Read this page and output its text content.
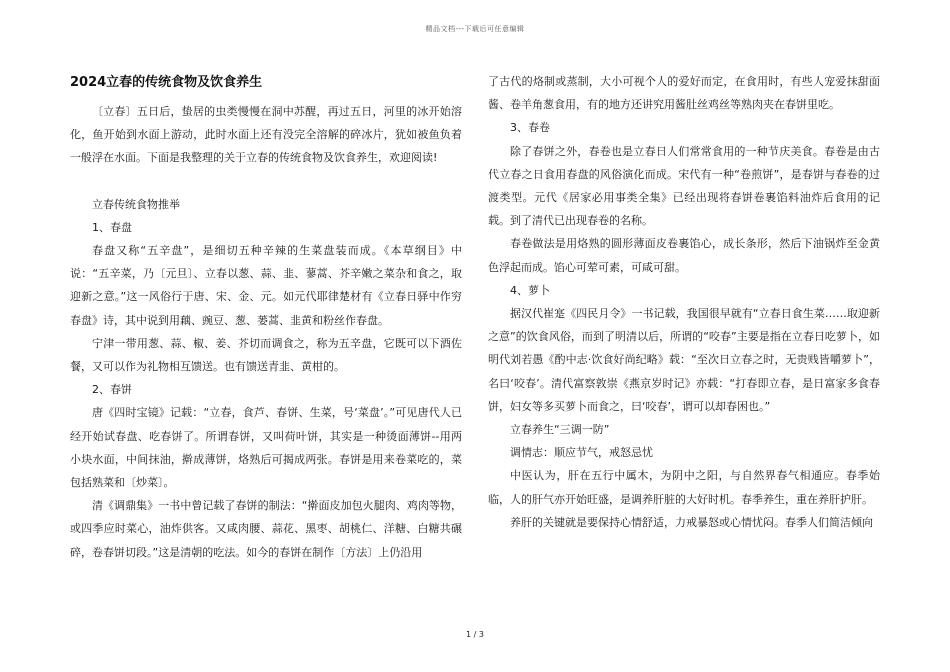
精品文档---下载后可任意编辑
2024立春的传统食物及饮食养生

〔立春〕五日后，蛰居的虫类慢慢在洞中苏醒，再过五日，河里的冰开始溶化，鱼开始到水面上游动，此时水面上还有没完全溶解的碎冰片，犹如被鱼负着一般浮在水面。下面是我整理的关于立春的传统食物及饮食养生，欢迎阅读!

立春传统食物推举

1、春盘

春盘又称“五辛盘”，是细切五种辛辣的生菜盘装而成。《本草纲目》中说：“五辛菜，乃〔元旦〕、立春以葱、蒜、韭、蓼蒿、芥辛嫩之菜杂和食之，取迎新之意。”这一风俗行于唐、宋、金、元。如元代耶律楚材有《立春日驿中作穷春盘》诗，其中说到用藕、豌豆、葱、蒌蒿、韭黄和粉丝作春盘。

宁津一带用葱、蒜、椒、姜、芥切而调食之，称为五辛盘，它既可以下酒佐餐，又可以作为礼物相互馈送。也有馈送青韭、黄柑的。

2、春饼

唐《四时宝镜》记载：“立春，食芦、春饼、生菜，号‘菜盘’。”可见唐代人已经开始试春盘、吃春饼了。所谓春饼，又叫荷叶饼，其实是一种烫面薄饼--用两小块水面，中间抹油，擀成薄饼，烙熟后可揭成两张。春饼是用来卷菜吃的，菜包括熟菜和〔炒菜〕。

清《调鼎集》一书中曾记载了春饼的制法：“擀面皮加包火腿肉、鸡肉等物，或四季应时菜心，油炸供客。又咸肉腰、蒜花、黑枣、胡桃仁、洋糖、白糖共碾碎，卷春饼切段。”这是清朝的吃法。如今的春饼在制作〔方法〕上仍沿用

了古代的烙制或蒸制，大小可视个人的爱好而定，在食用时，有些人宠爱抹甜面酱、卷羊角葱食用，有的地方还讲究用酱肚丝鸡丝等熟肉夹在春饼里吃。

3、春卷

除了春饼之外，春卷也是立春日人们常常食用的一种节庆美食。春卷是由古代立春之日食用春盘的风俗演化而成。宋代有一种“卷煎饼”，是春饼与春卷的过渡类型。元代《居家必用事类全集》已经出现将春饼卷裹馅料油炸后食用的记载。到了清代已出现春卷的名称。

春卷做法是用烙熟的圆形薄面皮卷裹馅心，成长条形，然后下油锅炸至金黄色浮起而成。馅心可荤可素，可咸可甜。

4、萝卜

据汉代崔寔《四民月令》一书记载，我国很早就有“立春日食生菜……取迎新之意”的饮食风俗，而到了明清以后，所谓的“咬春”主要是指在立春日吃萝卜，如明代刘若愚《酌中志·饮食好尚纪略》载：“至次日立春之时，无贵贱皆嚼萝卜”，名曰‘咬春’。清代富察敦崇《燕京岁时记》亦载：“打春即立春，是日富家多食春饼，妇女等多买萝卜而食之，曰‘咬春’，谓可以却春困也。”

立春养生“三调一防”

调情志：顺应节气，戒怒忌忧

中医认为，肝在五行中属木，为阴中之阳，与自然界春气相通应。春季始临，人的肝气亦开始旺盛，是调养肝脏的大好时机。春季养生，重在养肝护肝。

养肝的关键就是要保持心情舒适，力戒暴怒或心情忧闷。春季人们简洁倾向

1 / 3
